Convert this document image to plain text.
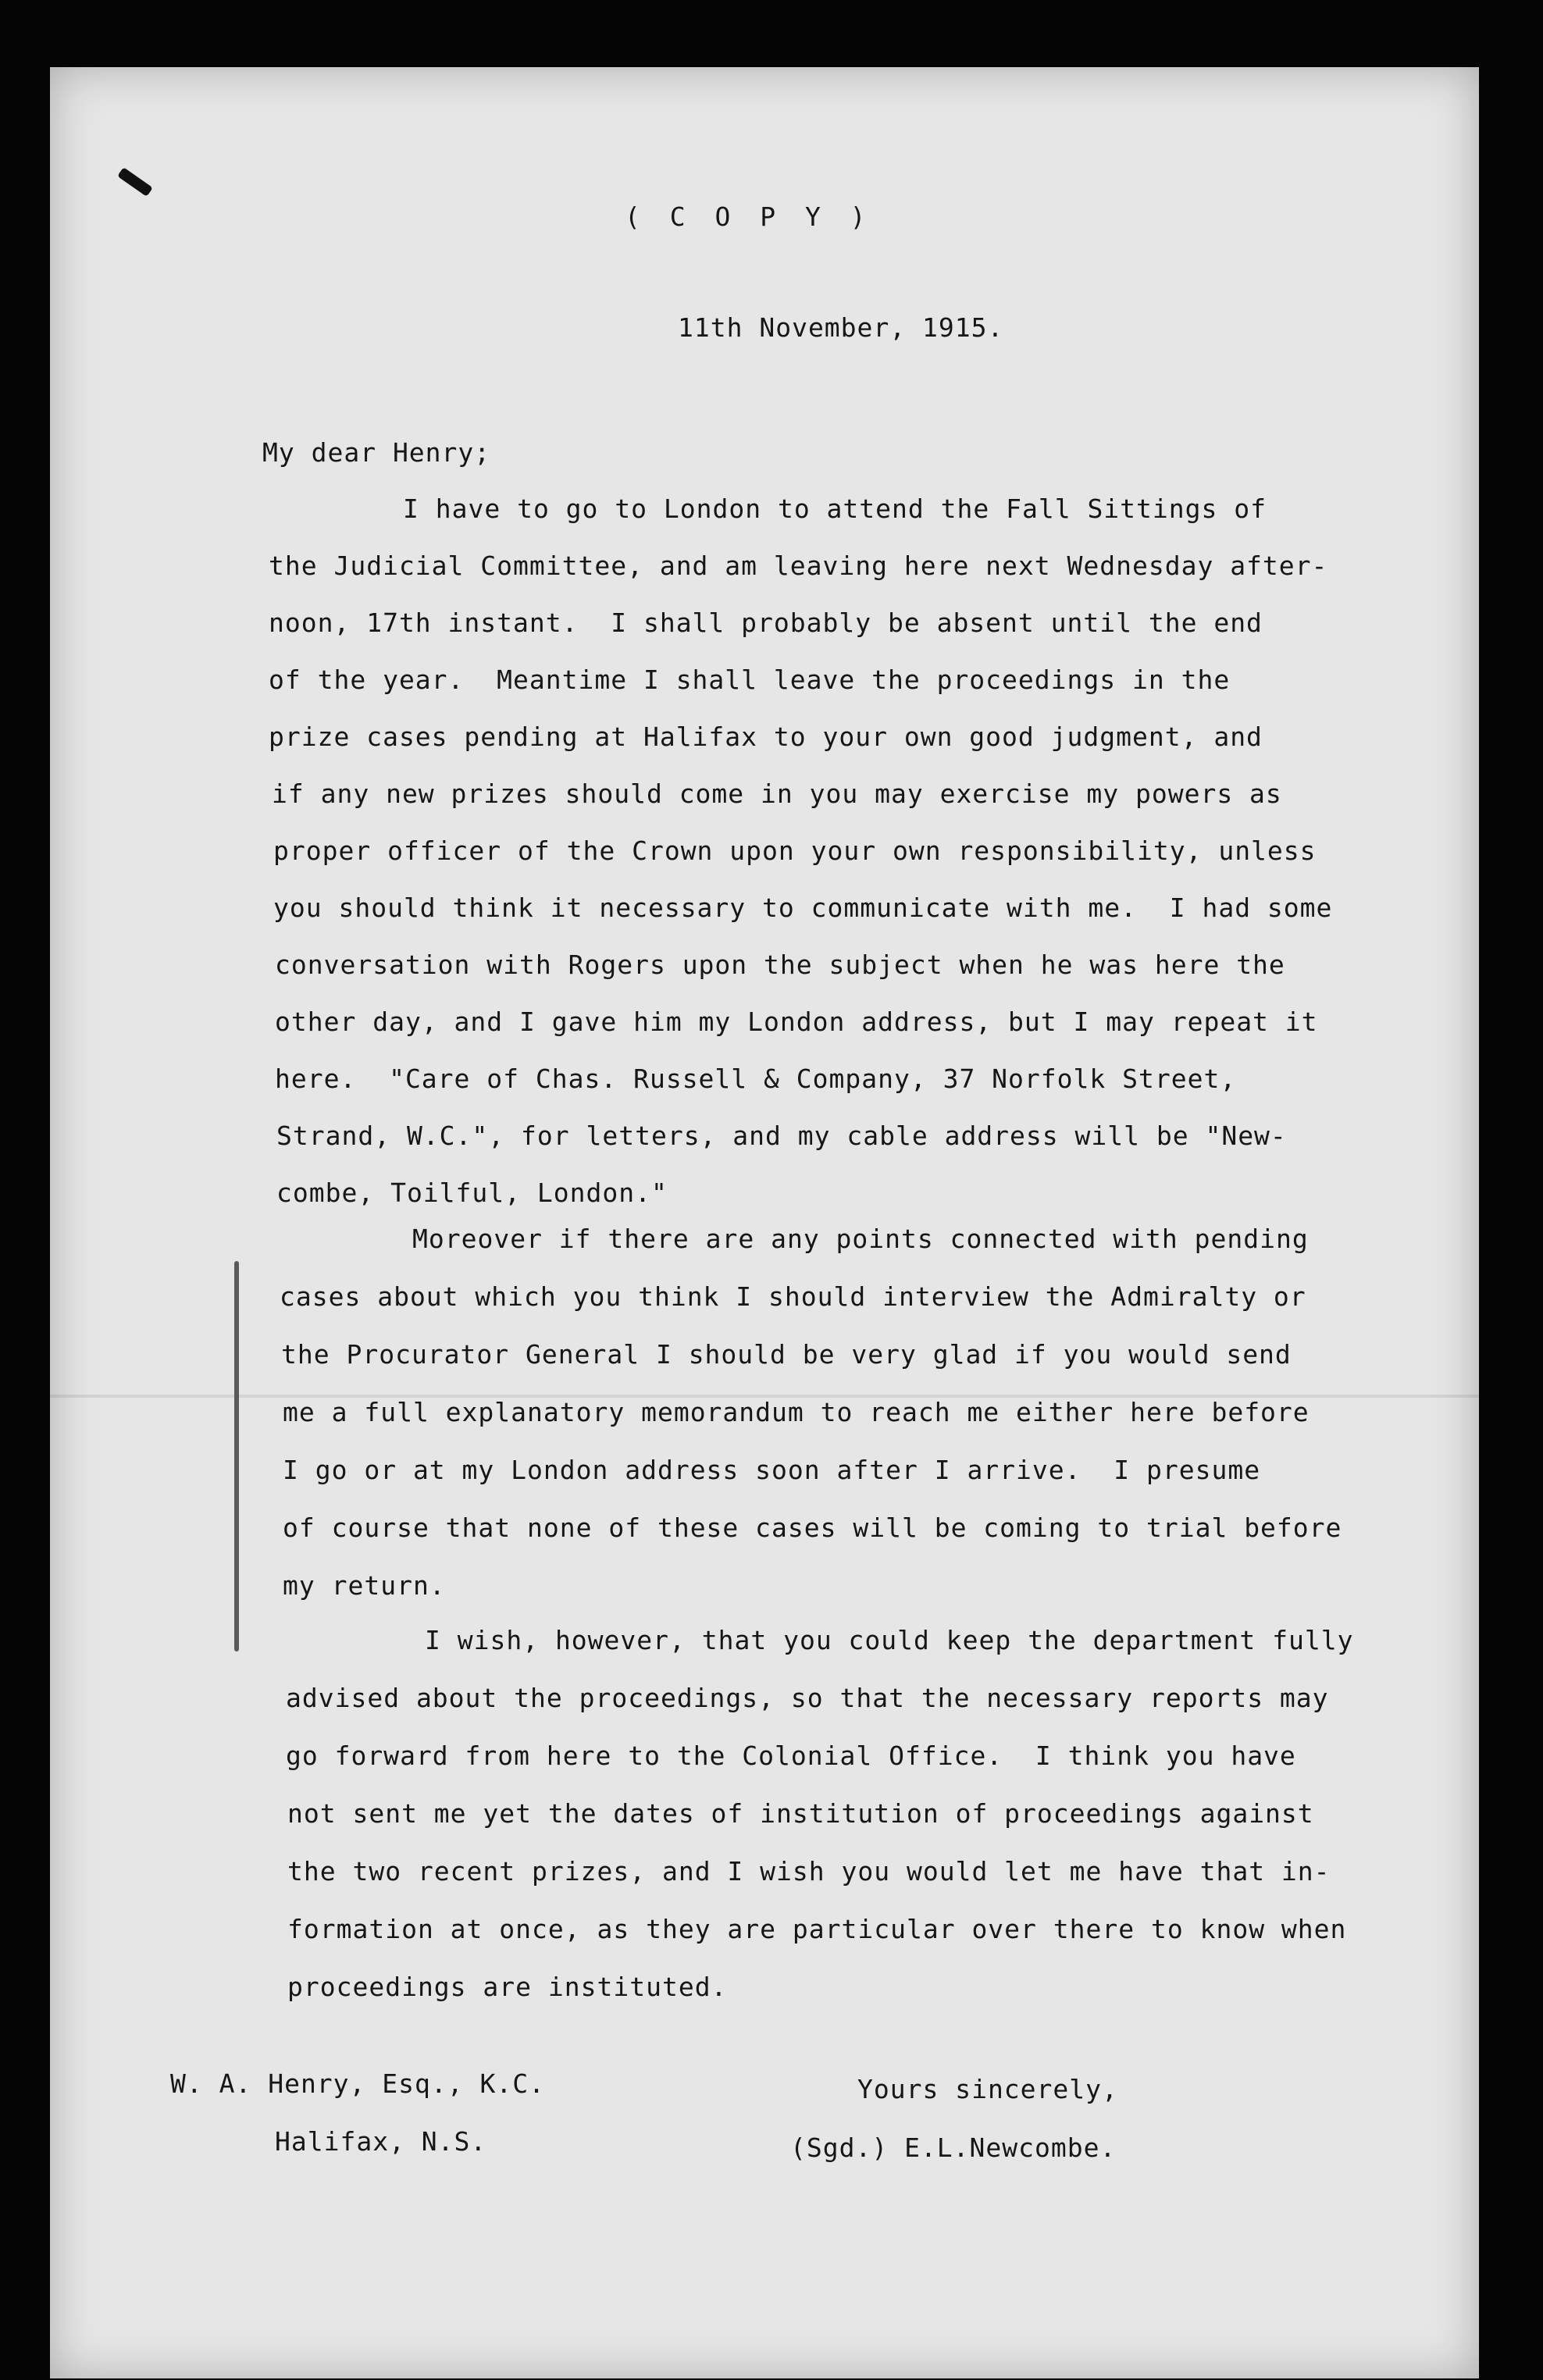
( C O P Y )

11th November, 1915.

My dear Henry;

I have to go to London to attend the Fall Sittings of

the Judicial Committee, and am leaving here next Wednesday after-

noon, 17th instant.  I shall probably be absent until the end

of the year.  Meantime I shall leave the proceedings in the

prize cases pending at Halifax to your own good judgment, and

if any new prizes should come in you may exercise my powers as

proper officer of the Crown upon your own responsibility, unless

you should think it necessary to communicate with me.  I had some

conversation with Rogers upon the subject when he was here the

other day, and I gave him my London address, but I may repeat it

here.  "Care of Chas. Russell & Company, 37 Norfolk Street,

Strand, W.C.", for letters, and my cable address will be "New-

combe, Toilful, London."

Moreover if there are any points connected with pending

cases about which you think I should interview the Admiralty or

the Procurator General I should be very glad if you would send

me a full explanatory memorandum to reach me either here before

I go or at my London address soon after I arrive.  I presume

of course that none of these cases will be coming to trial before

my return.

I wish, however, that you could keep the department fully

advised about the proceedings, so that the necessary reports may

go forward from here to the Colonial Office.  I think you have

not sent me yet the dates of institution of proceedings against

the two recent prizes, and I wish you would let me have that in-

formation at once, as they are particular over there to know when

proceedings are instituted.

W. A. Henry, Esq., K.C.

Halifax, N.S.

Yours sincerely,

(Sgd.) E.L.Newcombe.
